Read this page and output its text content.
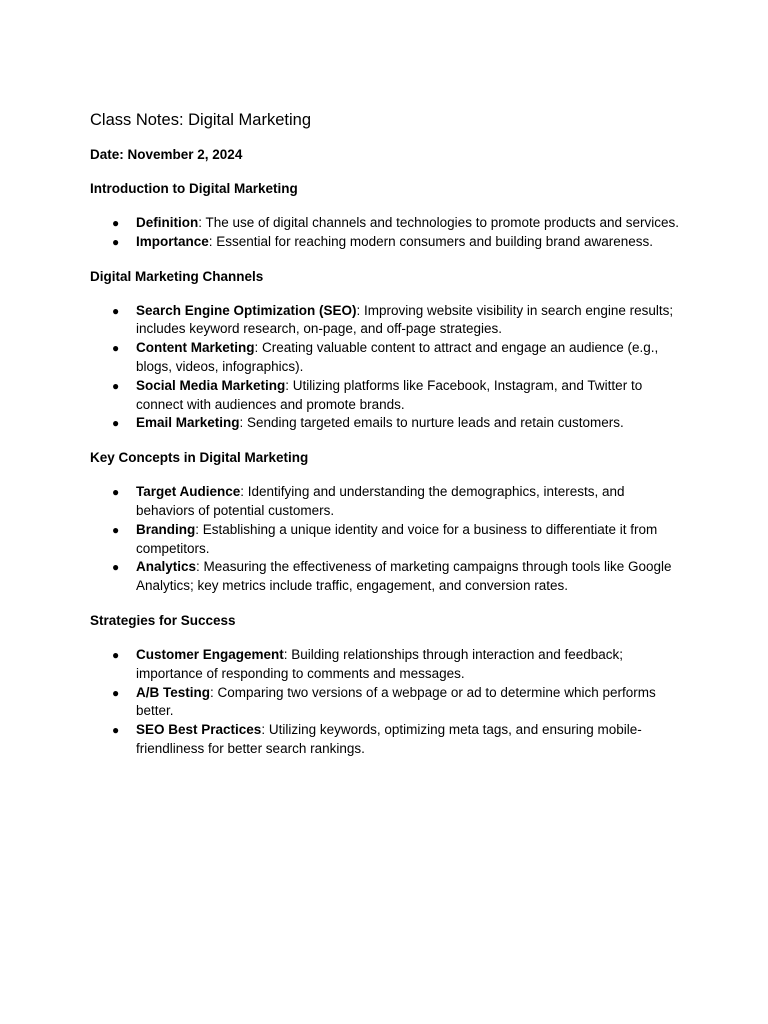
Class Notes: Digital Marketing

Date: November 2, 2024

Introduction to Digital Marketing
● Definition: The use of digital channels and technologies to promote products and services.
● Importance: Essential for reaching modern consumers and building brand awareness.
Digital Marketing Channels
● Search Engine Optimization (SEO): Improving website visibility in search engine results; includes keyword research, on-page, and off-page strategies.
● Content Marketing: Creating valuable content to attract and engage an audience (e.g., blogs, videos, infographics).
● Social Media Marketing: Utilizing platforms like Facebook, Instagram, and Twitter to connect with audiences and promote brands.
● Email Marketing: Sending targeted emails to nurture leads and retain customers.
Key Concepts in Digital Marketing
● Target Audience: Identifying and understanding the demographics, interests, and behaviors of potential customers.
● Branding: Establishing a unique identity and voice for a business to differentiate it from competitors.
● Analytics: Measuring the effectiveness of marketing campaigns through tools like Google Analytics; key metrics include traffic, engagement, and conversion rates.
Strategies for Success
● Customer Engagement: Building relationships through interaction and feedback; importance of responding to comments and messages.
● A/B Testing: Comparing two versions of a webpage or ad to determine which performs better.
● SEO Best Practices: Utilizing keywords, optimizing meta tags, and ensuring mobile-friendliness for better search rankings.
